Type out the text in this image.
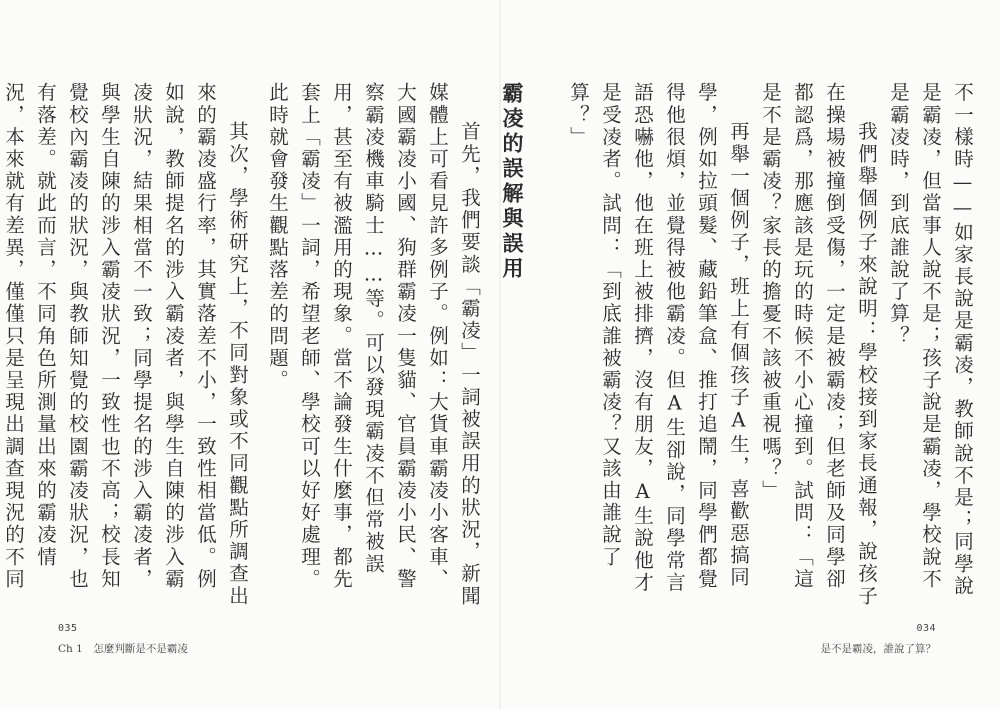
首先，我們要談「霸凌」一詞被誤用的狀況，新聞媒體上可看見許多例子。例如：大貨車霸凌小客車、大國霸凌小國、狗群霸凌一隻貓、官員霸凌小民、警察霸凌機車騎士……等。可以發現霸凌不但常被誤用，甚至有被濫用的現象。當不論發生什麼事，都先套上「霸凌」一詞，希望老師、學校可以好好處理。此時就會發生觀點落差的問題。

其次，學術研究上，不同對象或不同觀點所調查出來的霸凌盛行率，其實落差不小，一致性相當低。例如說，教師提名的涉入霸凌者，與學生自陳的涉入霸凌狀況，結果相當不一致；同學提名的涉入霸凌者，與學生自陳的涉入霸凌狀況，一致性也不高；校長知覺校內霸凌的狀況，與教師知覺的校園霸凌狀況，也有落差。就此而言，不同角色所測量出來的霸凌情況，本來就有差異，僅僅只是呈現出調查現況的不同

035
Ch 1　怎麼判斷是不是霸凌

不一樣時——如家長說是霸凌，教師說不是；同學說是霸凌，但當事人說不是；孩子說是霸凌，學校說不是霸凌時，到底誰說了算？

我們舉個例子來說明：學校接到家長通報，說孩子在操場被撞倒受傷，一定是被霸凌；但老師及同學卻都認爲，那應該是玩的時候不小心撞到。試問：「這是不是霸凌？家長的擔憂不該被重視嗎？」

再舉一個例子，班上有個孩子A生，喜歡惡搞同學，例如拉頭髮、藏鉛筆盒、推打追鬧，同學們都覺得他很煩，並覺得被他霸凌。但A生卻說，同學常言語恐嚇他，他在班上被排擠，沒有朋友，A生說他才是受凌者。試問：「到底誰被霸凌？又該由誰說了算？」

霸凌的誤解與誤用
034
是不是霸凌，誰說了算？
